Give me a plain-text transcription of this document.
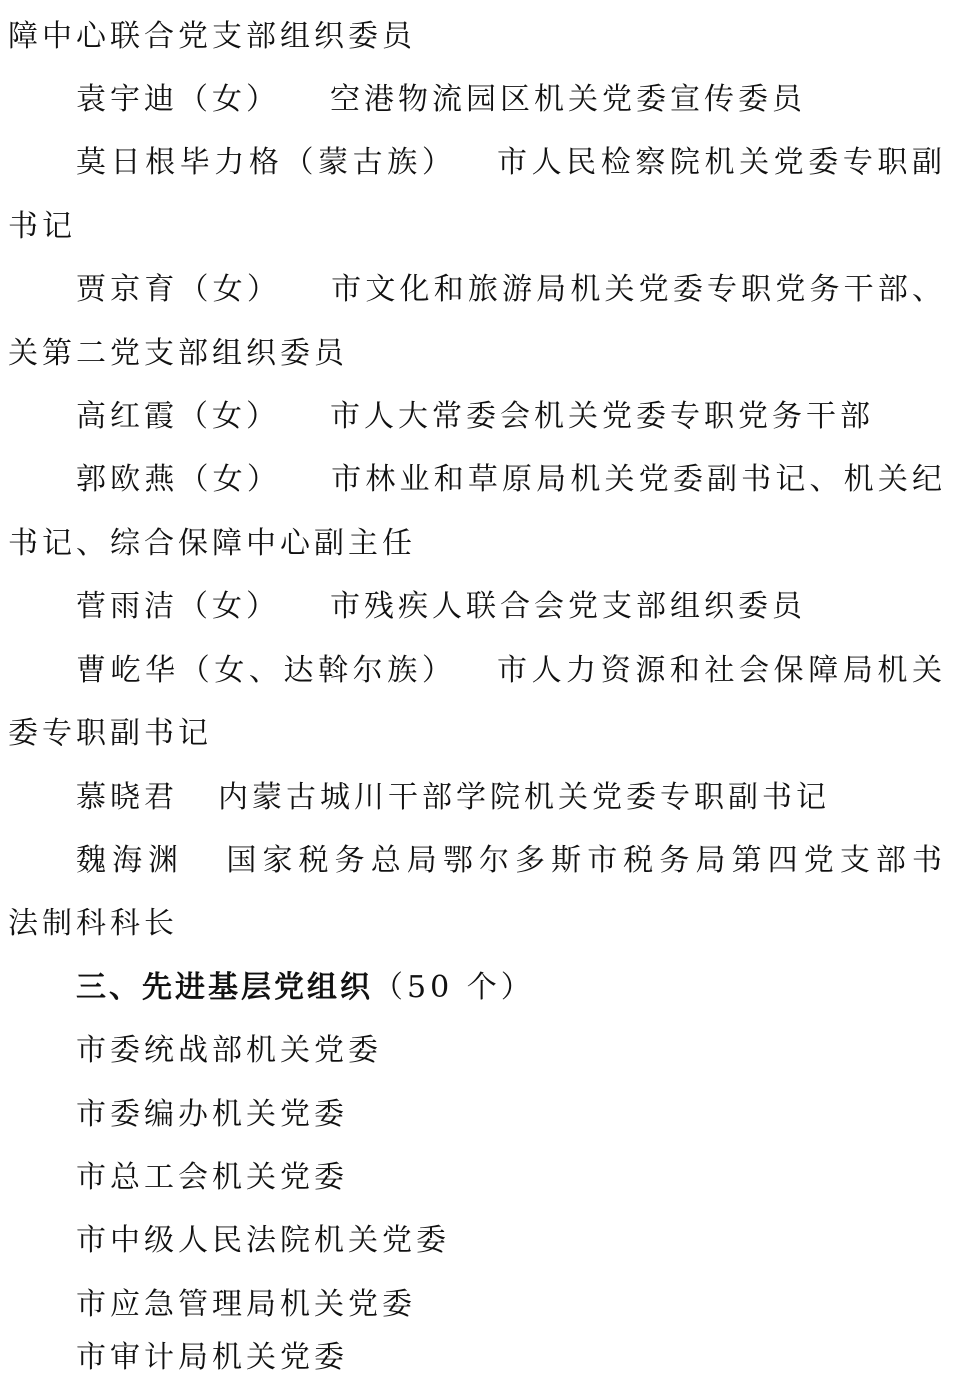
障中心联合党支部组织委员
袁宇迪（女） 空港物流园区机关党委宣传委员
莫日根毕力格（蒙古族） 市人民检察院机关党委专职副
书记
贾京育（女） 市文化和旅游局机关党委专职党务干部、
关第二党支部组织委员
高红霞（女） 市人大常委会机关党委专职党务干部
郭欧燕（女） 市林业和草原局机关党委副书记、机关纪
书记、综合保障中心副主任
菅雨洁（女） 市残疾人联合会党支部组织委员
曹屹华（女、达斡尔族） 市人力资源和社会保障局机关
委专职副书记
慕晓君 内蒙古城川干部学院机关党委专职副书记
魏海渊 国家税务总局鄂尔多斯市税务局第四党支部书
法制科科长
三、先进基层党组织（50 个）
市委统战部机关党委
市委编办机关党委
市总工会机关党委
市中级人民法院机关党委
市应急管理局机关党委
市审计局机关党委
